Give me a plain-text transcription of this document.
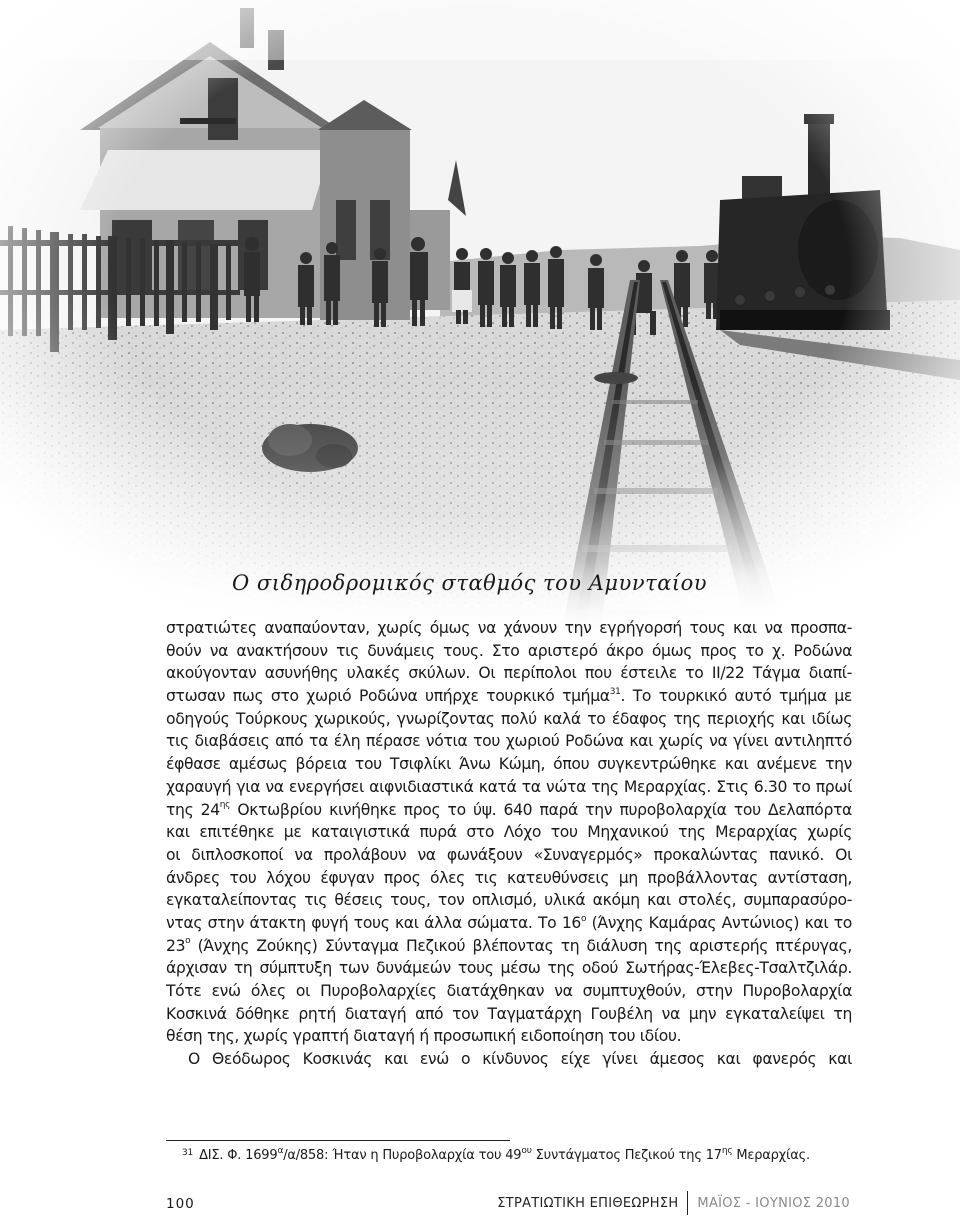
Ο σιδηροδρομικός σταθμός του Αμυνταίου
στρατιώτες αναπαύονταν, χωρίς όμως να χάνουν την εγρήγορσή τους και να προσπα-
θούν να ανακτήσουν τις δυνάμεις τους. Στο αριστερό άκρο όμως προς το χ. Ροδώνα
ακούγονταν ασυνήθης υλακές σκύλων. Οι περίπολοι που έστειλε το ΙΙ/22 Τάγμα διαπί-
στωσαν πως στο χωριό Ροδώνα υπήρχε τουρκικό τμήμα$^{31}$. Το τουρκικό αυτό τμήμα με
οδηγούς Τούρκους χωρικούς, γνωρίζοντας πολύ καλά το έδαφος της περιοχής και ιδίως
τις διαβάσεις από τα έλη πέρασε νότια του χωριού Ροδώνα και χωρίς να γίνει αντιληπτό
έφθασε αμέσως βόρεια του Τσιφλίκι Άνω Κώμη, όπου συγκεντρώθηκε και ανέμενε την
χαραυγή για να ενεργήσει αιφνιδιαστικά κατά τα νώτα της Μεραρχίας. Στις 6.30 το πρωί
της $24^{\eta\varsigma}$ Οκτωβρίου κινήθηκε προς το ύψ. 640 παρά την πυροβολαρχία του Δελαπόρτα
και επιτέθηκε με καταιγιστικά πυρά στο Λόχο του Μηχανικού της Μεραρχίας χωρίς
οι διπλοσκοποί να προλάβουν να φωνάξουν «Συναγερμός» προκαλώντας πανικό. Οι
άνδρες του λόχου έφυγαν προς όλες τις κατευθύνσεις μη προβάλλοντας αντίσταση,
εγκαταλείποντας τις θέσεις τους, τον οπλισμό, υλικά ακόμη και στολές, συμπαρασύρο-
ντας στην άτακτη φυγή τους και άλλα σώματα. Το $16^o$ (Άνχης Καμάρας Αντώνιος) και το
$23^o$ (Άνχης Ζούκης) Σύνταγμα Πεζικού βλέποντας τη διάλυση της αριστερής πτέρυγας,
άρχισαν τη σύμπτυξη των δυνάμεών τους μέσω της οδού Σωτήρας-Έλεβες-Τσαλτζιλάρ.
Τότε ενώ όλες οι Πυροβολαρχίες διατάχθηκαν να συμπτυχθούν, στην Πυροβολαρχία
Κοσκινά δόθηκε ρητή διαταγή από τον Ταγματάρχη Γουβέλη να μην εγκαταλείψει τη
θέση της, χωρίς γραπτή διαταγή ή προσωπική ειδοποίηση του ιδίου.
Ο Θεόδωρος Κοσκινάς και ενώ ο κίνδυνος είχε γίνει άμεσος και φανερός και
$^{31}$ ΔΙΣ. Φ. $1699^\alpha/\alpha/858$: Ήταν η Πυροβολαρχία του $49^{o\upsilon}$ Συντάγματος Πεζικού της $17^{\eta\varsigma}$ Μεραρχίας.
100	ΣΤΡΑΤΙΩΤΙΚΗ ΕΠΙΘΕΩΡΗΣΗ	ΜΑΪΟΣ - ΙΟΥΝΙΟΣ 2010
